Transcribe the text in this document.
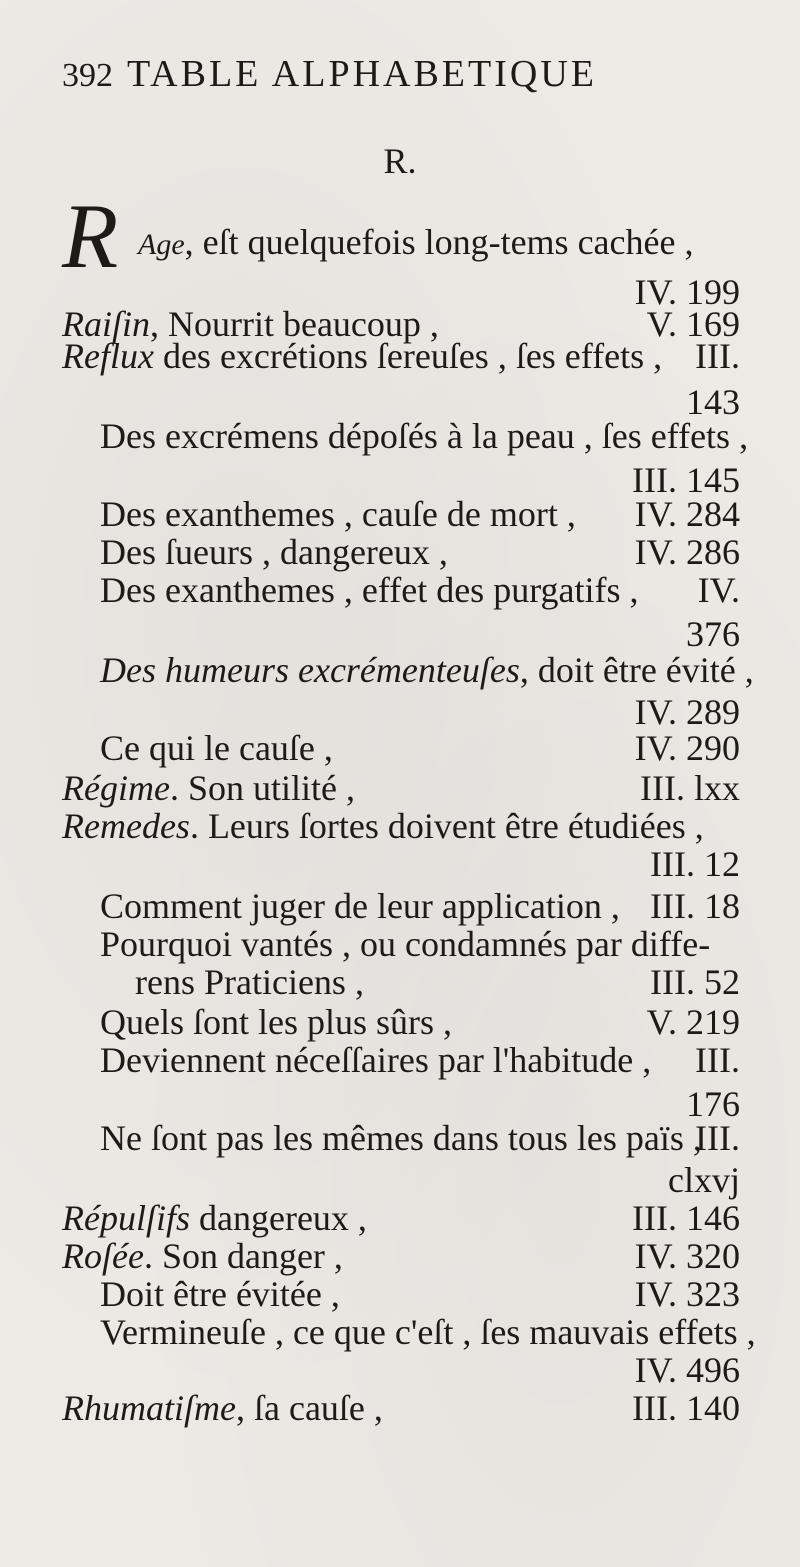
392 TABLE ALPHABETIQUE
R.
R Age, eſt quelquefois long-tems cachée ,
IV. 199
Raiſin, Nourrit beaucoup ,	V. 169
Reflux des excrétions ſereuſes , ſes effets , III.
143
Des excrémens dépoſés à la peau , ſes effets ,
III. 145
Des exanthemes , cauſe de mort , IV. 284
Des ſueurs , dangereux ,	IV. 286
Des exanthemes , effet des purgatifs , IV.
376
Des humeurs excrémenteuſes, doit être évité ,
IV. 289
Ce qui le cauſe ,	IV. 290
Régime. Son utilité ,	III. lxx
Remedes. Leurs ſortes doivent être étudiées ,
III. 12
Comment juger de leur application , III. 18
Pourquoi vantés , ou condamnés par diffe-
rens Praticiens ,	III. 52
Quels ſont les plus sûrs ,	V. 219
Deviennent néceſſaires par l'habitude , III.
176
Ne ſont pas les mêmes dans tous les païs ,
III.
clxvj
Répulſifs dangereux ,	III. 146
Roſée. Son danger ,	IV. 320
Doit être évitée ,	IV. 323
Vermineuſe , ce que c'eſt , ſes mauvais effets ,
IV. 496
Rhumatiſme, ſa cauſe ,	III. 140
